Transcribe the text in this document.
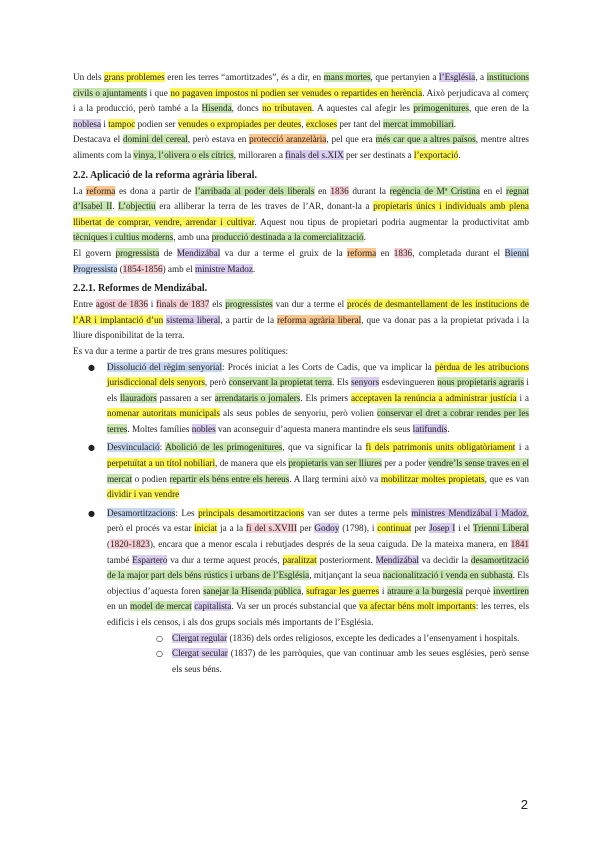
Un dels grans problemes eren les terres “amortitzades”, és a dir, en mans mortes, que pertanyien a l’Església, a institucions civils o ajuntaments i que no pagaven impostos ni podien ser venudes o repartides en herència. Això perjudicava al comerç i a la producció, però també a la Hisenda, doncs no tributaven. A aquestes cal afegir les primogenitures, que eren de la noblesa i tampoc podien ser venudes o expropiades per deutes, excloses per tant del mercat immobiliari.

Destacava el domini del cereal, però estava en protecció aranzelària, pel que era més car que a altres països, mentre altres aliments com la vinya, l’olivera o els cítrics, milloraren a finals del s.XIX per ser destinats a l’exportació.

2.2. Aplicació de la reforma agrària liberal.

La reforma es dona a partir de l’arribada al poder dels liberals en 1836 durant la regència de Mª Cristina en el regnat d’Isabel II. L’objectiu era alliberar la terra de les traves de l’AR, donant-la a propietaris únics i individuals amb plena llibertat de comprar, vendre, arrendar i cultivar. Aquest nou tipus de propietari podria augmentar la productivitat amb tècniques i cultius moderns, amb una producció destinada a la comercialització.

El govern progressista de Mendizábal va dur a terme el gruix de la reforma en 1836, completada durant el Bienni Progressista (1854-1856) amb el ministre Madoz.

2.2.1. Reformes de Mendizábal.

Entre agost de 1836 i finals de 1837 els progressistes van dur a terme el procés de desmantellament de les institucions de l’AR i implantació d’un sistema liberal, a partir de la reforma agrària liberal, que va donar pas a la propietat privada i la lliure disponibilitat de la terra.

Es va dur a terme a partir de tres grans mesures polítiques:

● Dissolució del règim senyorial: Procés iniciat a les Corts de Cadis, que va implicar la pèrdua de les atribucions jurisdiccional dels senyors, però conservant la propietat terra. Els senyors esdevingueren nous propietaris agraris i els llauradors passaren a ser arrendataris o jornalers. Els primers acceptaven la renúncia a administrar justícia i a nomenar autoritats municipals als seus pobles de senyoriu, però volien conservar el dret a cobrar rendes per les terres. Moltes famílies nobles van aconseguir d’aquesta manera mantindre els seus latifundis.
● Desvinculació: Abolició de les primogenitures, que va significar la fi dels patrimonis units obligatòriament i a perpetuïtat a un títol nobiliari, de manera que els propietaris van ser lliures per a poder vendre’ls sense traves en el mercat o podien repartir els béns entre els hereus. A llarg termini això va mobilitzar moltes propietats, que es van dividir i van vendre
● Desamortitzacions: Les principals desamortitzacions van ser dutes a terme pels ministres Mendizábal i Madoz, però el procés va estar iniciat ja a la fi del s.XVIII per Godoy (1798), i continuat per Josep I i el Trienni Liberal (1820-1823), encara que a menor escala i rebutjades després de la seua caiguda. De la mateixa manera, en 1841 també Espartero va dur a terme aquest procés, paralitzat posteriorment. Mendizábal va decidir la desamortització de la major part dels béns rústics i urbans de l’Església, mitjançant la seua nacionalització i venda en subhasta. Els objectius d’aquesta foren sanejar la Hisenda pública, sufragar les guerres i atraure a la burgesia perquè invertiren en un model de mercat capitalista. Va ser un procés substancial que va afectar béns molt importants: les terres, els edificis i els censos, i als dos grups socials més importants de l’Església.
○ Clergat regular (1836) dels ordes religiosos, excepte les dedicades a l’ensenyament i hospitals.
○ Clergat secular (1837) de les parròquies, que van continuar amb les seues esglésies, però sense els seus béns.
2
